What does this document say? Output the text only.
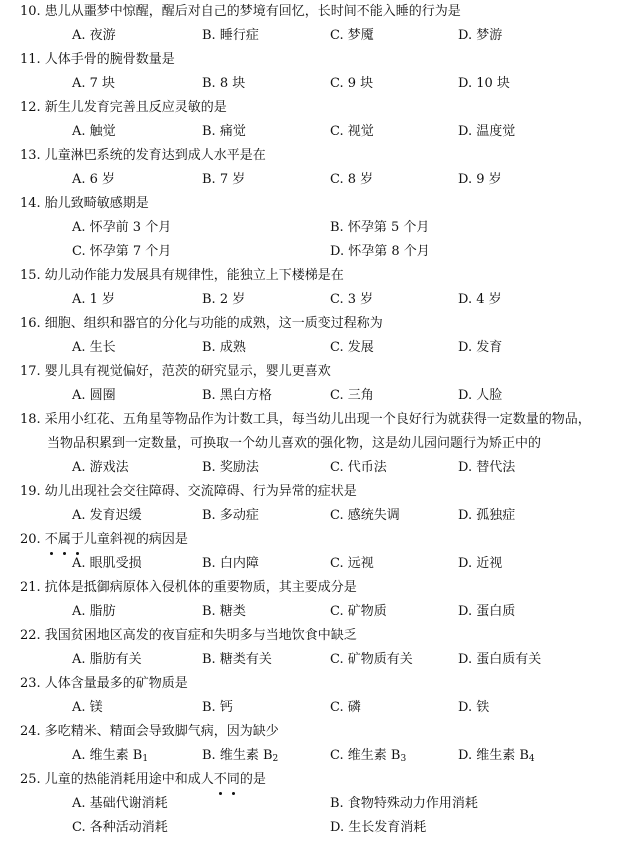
10. 患儿从噩梦中惊醒，醒后对自己的梦境有回忆，长时间不能入睡的行为是
A. 夜游	B. 睡行症	C. 梦魇	D. 梦游
11. 人体手骨的腕骨数量是
A. 7 块	B. 8 块	C. 9 块	D. 10 块
12. 新生儿发育完善且反应灵敏的是
A. 触觉	B. 痛觉	C. 视觉	D. 温度觉
13. 儿童淋巴系统的发育达到成人水平是在
A. 6 岁	B. 7 岁	C. 8 岁	D. 9 岁
14. 胎儿致畸敏感期是
A. 怀孕前 3 个月	B. 怀孕第 5 个月
C. 怀孕第 7 个月	D. 怀孕第 8 个月
15. 幼儿动作能力发展具有规律性，能独立上下楼梯是在
A. 1 岁	B. 2 岁	C. 3 岁	D. 4 岁
16. 细胞、组织和器官的分化与功能的成熟，这一质变过程称为
A. 生长	B. 成熟	C. 发展	D. 发育
17. 婴儿具有视觉偏好，范茨的研究显示，婴儿更喜欢
A. 圆圈	B. 黑白方格	C. 三角	D. 人脸
18. 采用小红花、五角星等物品作为计数工具，每当幼儿出现一个良好行为就获得一定数量的物品，
当物品积累到一定数量，可换取一个幼儿喜欢的强化物，这是幼儿园问题行为矫正中的
A. 游戏法	B. 奖励法	C. 代币法	D. 替代法
19. 幼儿出现社会交往障碍、交流障碍、行为异常的症状是
A. 发育迟缓	B. 多动症	C. 感统失调	D. 孤独症
20. 不属于
儿童斜视的病因是
A. 眼肌受损	B. 白内障	C. 远视	D. 近视
21. 抗体是抵御病原体入侵机体的重要物质，其主要成分是
A. 脂肪	B. 糖类	C. 矿物质	D. 蛋白质
22. 我国贫困地区高发的夜盲症和失明多与当地饮食中缺乏
A. 脂肪有关	B. 糖类有关	C. 矿物质有关	D. 蛋白质有关
23. 人体含量最多的矿物质是
A. 镁	B. 钙	C. 磷	D. 铁
24. 多吃精米、精面会导致脚气病，因为缺少
A. 维生素 $B_1$	B. 维生素 $B_2$	C. 维生素 $B_3$	D. 维生素 $B_4$
25. 儿童的热能消耗用途中和成人不同
的是
A. 基础代谢消耗	B. 食物特殊动力作用消耗
C. 各种活动消耗	D. 生长发育消耗
